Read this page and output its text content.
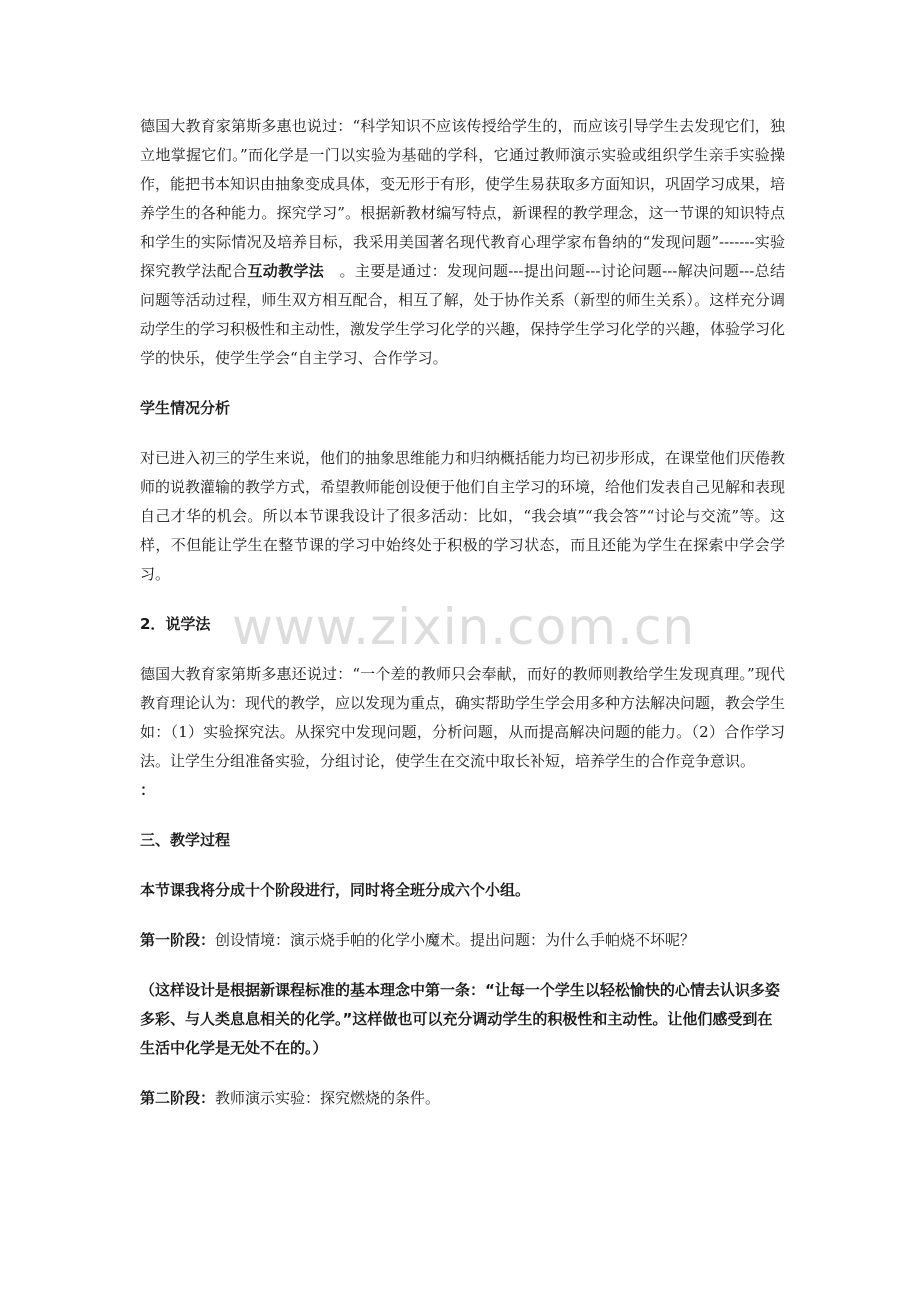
德国大教育家第斯多惠也说过：“科学知识不应该传授给学生的，而应该引导学生去发现它们，独立地掌握它们。”而化学是一门以实验为基础的学科，它通过教师演示实验或组织学生亲手实验操作，能把书本知识由抽象变成具体，变无形于有形，使学生易获取多方面知识，巩固学习成果，培养学生的各种能力。探究学习”。根据新教材编写特点，新课程的教学理念，这一节课的知识特点和学生的实际情况及培养目标，我采用美国著名现代教育心理学家布鲁纳的“发现问题”-------实验探究教学法配合互动教学法　。主要是通过：发现问题---提出问题---讨论问题---解决问题---总结问题等活动过程，师生双方相互配合，相互了解，处于协作关系（新型的师生关系）。这样充分调动学生的学习积极性和主动性，激发学生学习化学的兴趣，保持学生学习化学的兴趣，体验学习化学的快乐，使学生学会“自主学习、合作学习。

学生情况分析

对已进入初三的学生来说，他们的抽象思维能力和归纳概括能力均已初步形成，在课堂他们厌倦教师的说教灌输的教学方式，希望教师能创设便于他们自主学习的环境，给他们发表自己见解和表现自己才华的机会。所以本节课我设计了很多活动：比如，“我会填”“我会答”“讨论与交流”等。这样，不但能让学生在整节课的学习中始终处于积极的学习状态，而且还能为学生在探索中学会学习。

2．说学法

德国大教育家第斯多惠还说过：“一个差的教师只会奉献，而好的教师则教给学生发现真理。”现代教育理论认为：现代的教学，应以发现为重点，确实帮助学生学会用多种方法解决问题，教会学生如：（1）实验探究法。从探究中发现问题，分析问题，从而提高解决问题的能力。（2）合作学习法。让学生分组准备实验，分组讨论，使学生在交流中取长补短，培养学生的合作竞争意识。

：

三、教学过程

本节课我将分成十个阶段进行，同时将全班分成六个小组。

第一阶段：创设情境：演示烧手帕的化学小魔术。提出问题：为什么手帕烧不坏呢？

（这样设计是根据新课程标准的基本理念中第一条：“让每一个学生以轻松愉快的心情去认识多姿多彩、与人类息息相关的化学。”这样做也可以充分调动学生的积极性和主动性。让他们感受到在生活中化学是无处不在的。）

第二阶段：教师演示实验：探究燃烧的条件。

www.zixin.com.cn
